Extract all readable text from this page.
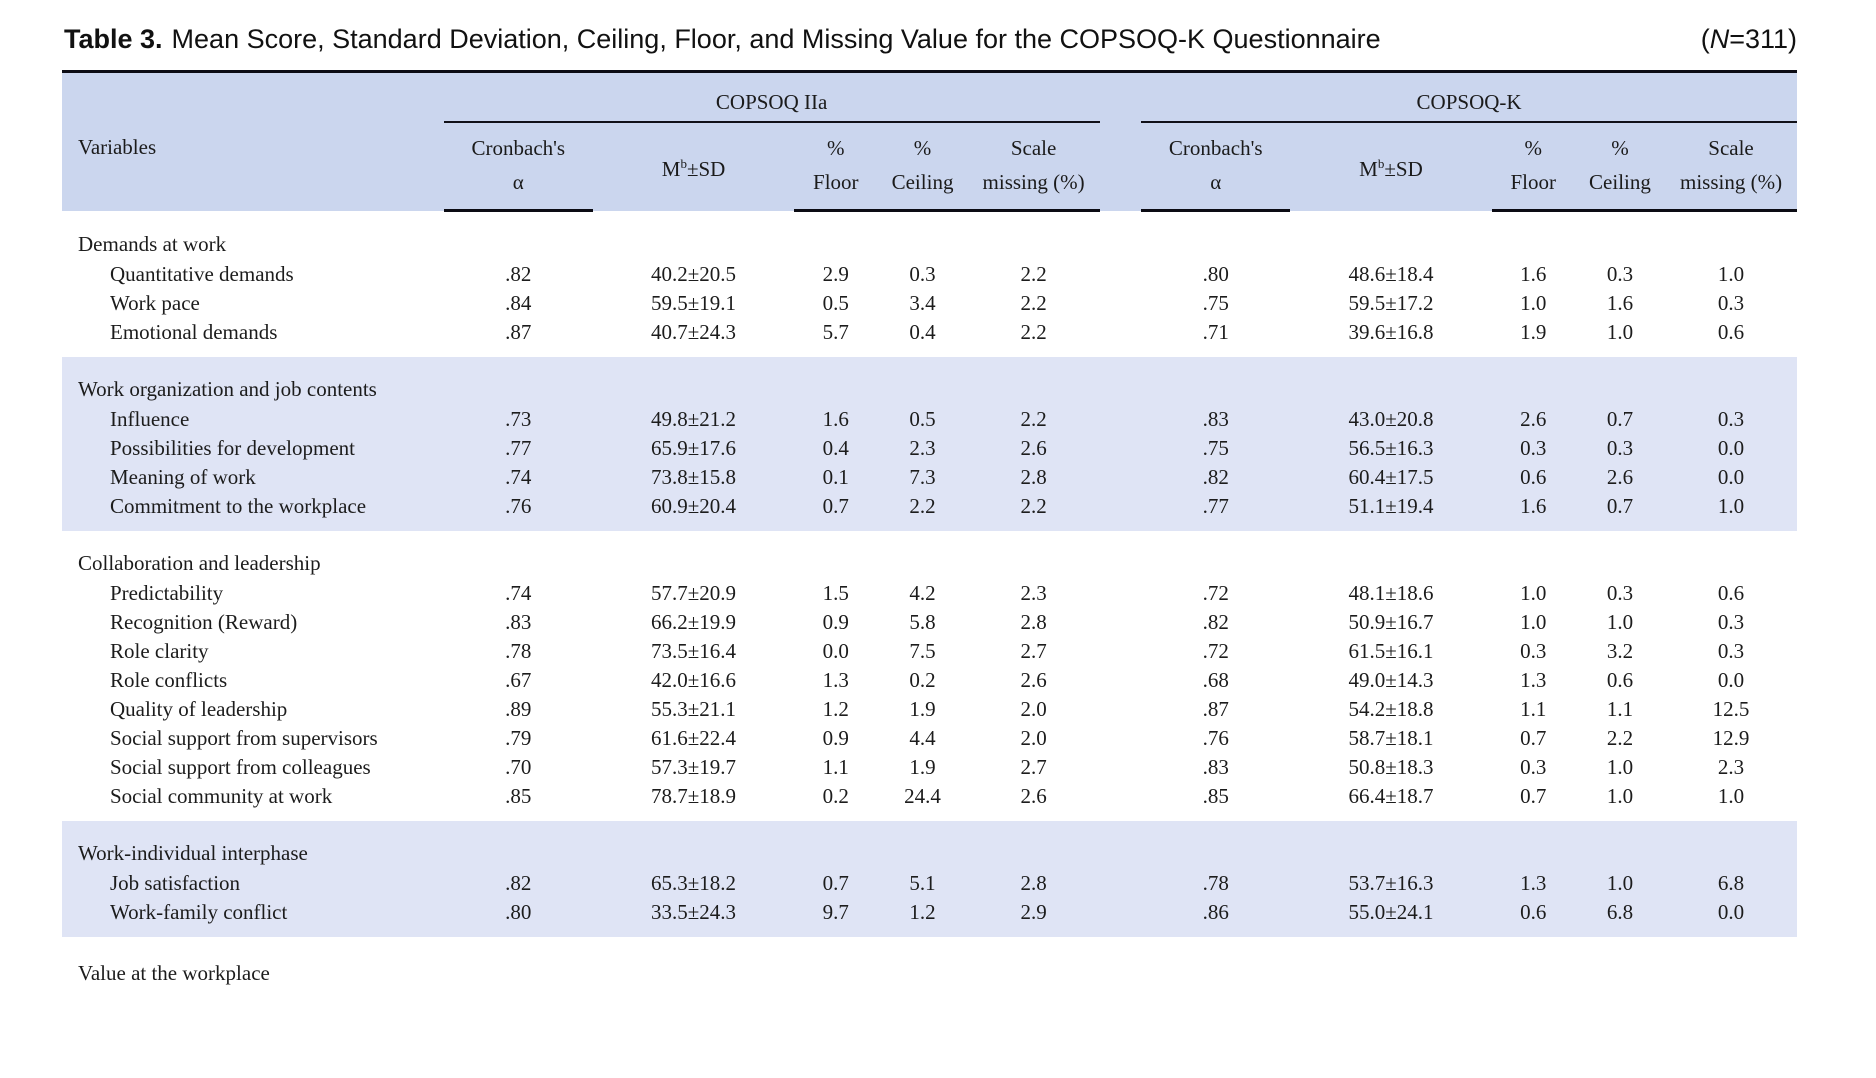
Table 3. Mean Score, Standard Deviation, Ceiling, Floor, and Missing Value for the COPSOQ-K Questionnaire	(N=311)
Variables	COPSOQ IIa						COPSOQ-K				
	Cronbach's	M$^b$±SD	%	%	Scale		Cronbach's	M$^b$±SD	%	%	Scale
	α		Floor	Ceiling	missing (%)		α		Floor	Ceiling	missing (%)
Demands at work											
Quantitative demands	.82	40.2±20.5	2.9	0.3	2.2		.80	48.6±18.4	1.6	0.3	1.0
Work pace	.84	59.5±19.1	0.5	3.4	2.2		.75	59.5±17.2	1.0	1.6	0.3
Emotional demands	.87	40.7±24.3	5.7	0.4	2.2		.71	39.6±16.8	1.9	1.0	0.6
Work organization and job contents											
Influence	.73	49.8±21.2	1.6	0.5	2.2		.83	43.0±20.8	2.6	0.7	0.3
Possibilities for development	.77	65.9±17.6	0.4	2.3	2.6		.75	56.5±16.3	0.3	0.3	0.0
Meaning of work	.74	73.8±15.8	0.1	7.3	2.8		.82	60.4±17.5	0.6	2.6	0.0
Commitment to the workplace	.76	60.9±20.4	0.7	2.2	2.2		.77	51.1±19.4	1.6	0.7	1.0
Collaboration and leadership											
Predictability	.74	57.7±20.9	1.5	4.2	2.3		.72	48.1±18.6	1.0	0.3	0.6
Recognition (Reward)	.83	66.2±19.9	0.9	5.8	2.8		.82	50.9±16.7	1.0	1.0	0.3
Role clarity	.78	73.5±16.4	0.0	7.5	2.7		.72	61.5±16.1	0.3	3.2	0.3
Role conflicts	.67	42.0±16.6	1.3	0.2	2.6		.68	49.0±14.3	1.3	0.6	0.0
Quality of leadership	.89	55.3±21.1	1.2	1.9	2.0		.87	54.2±18.8	1.1	1.1	12.5
Social support from supervisors	.79	61.6±22.4	0.9	4.4	2.0		.76	58.7±18.1	0.7	2.2	12.9
Social support from colleagues	.70	57.3±19.7	1.1	1.9	2.7		.83	50.8±18.3	0.3	1.0	2.3
Social community at work	.85	78.7±18.9	0.2	24.4	2.6		.85	66.4±18.7	0.7	1.0	1.0
Work-individual interphase											
Job satisfaction	.82	65.3±18.2	0.7	5.1	2.8		.78	53.7±16.3	1.3	1.0	6.8
Work-family conflict	.80	33.5±24.3	9.7	1.2	2.9		.86	55.0±24.1	0.6	6.8	0.0
Value at the workplace											
